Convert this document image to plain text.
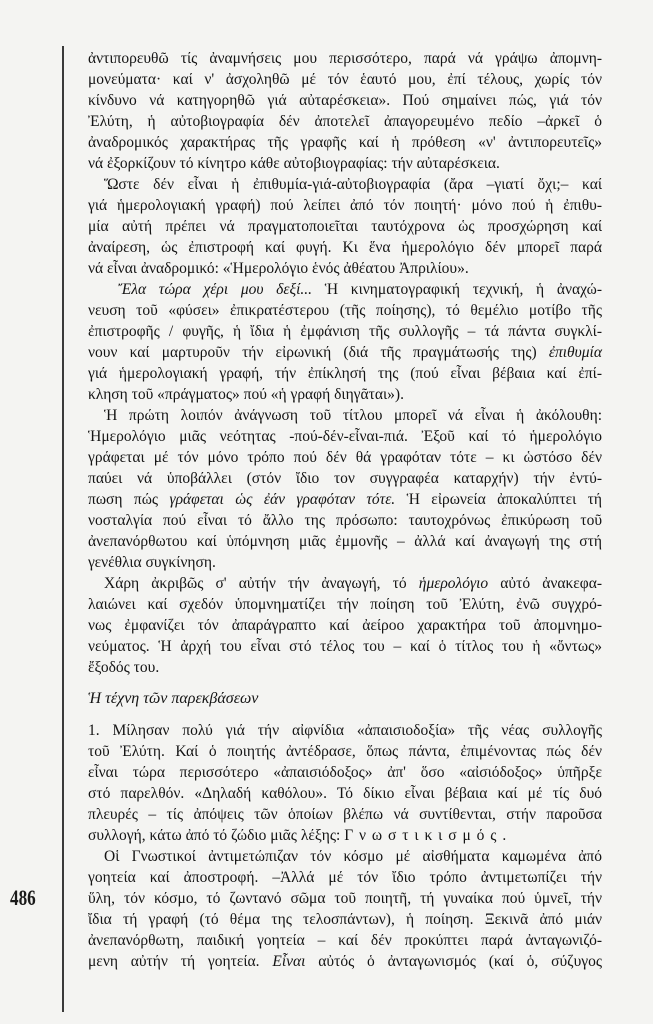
486
ἀντιπορευθῶ τίς ἀναμνήσεις μου περισσότερο, παρά νά γράψω ἀπομνη-
μονεύματα· καί ν' ἀσχοληθῶ μέ τόν ἑαυτό μου, ἐπί τέλους, χωρίς τόν
κίνδυνο νά κατηγορηθῶ γιά αὐταρέσκεια». Πού σημαίνει πώς, γιά τόν
Ἐλύτη, ἡ αὐτοβιογραφία δέν ἀποτελεῖ ἀπαγορευμένο πεδίο –ἀρκεῖ ὁ
ἀναδρομικός χαρακτήρας τῆς γραφῆς καί ἡ πρόθεση «ν' ἀντιπορευτεῖς»
νά ἐξορκίζουν τό κίνητρο κάθε αὐτοβιογραφίας: τήν αὐταρέσκεια.
Ὥστε δέν εἶναι ἡ ἐπιθυμία-γιά-αὐτοβιογραφία (ἄρα –γιατί ὄχι;– καί
γιά ἡμερολογιακή γραφή) πού λείπει ἀπό τόν ποιητή· μόνο πού ἡ ἐπιθυ-
μία αὐτή πρέπει νά πραγματοποιεῖται ταυτόχρονα ὡς προσχώρηση καί
ἀναίρεση, ὡς ἐπιστροφή καί φυγή. Κι ἕνα ἡμερολόγιο δέν μπορεῖ παρά
νά εἶναι ἀναδρομικό: «Ἡμερολόγιο ἑνός ἀθέατου Ἀπριλίου».
Ἔλα τώρα χέρι μου δεξί... Ἡ κινηματογραφική τεχνική, ἡ ἀναχώ-
νευση τοῦ «φύσει» ἐπικρατέστερου (τῆς ποίησης), τό θεμέλιο μοτίβο τῆς
ἐπιστροφῆς / φυγῆς, ἡ ἴδια ἡ ἐμφάνιση τῆς συλλογῆς – τά πάντα συγκλί-
νουν καί μαρτυροῦν τήν εἰρωνική (διά τῆς πραγμάτωσής της) ἐπιθυμία
γιά ἡμερολογιακή γραφή, τήν ἐπίκλησή της (πού εἶναι βέβαια καί ἐπί-
κληση τοῦ «πράγματος» πού «ἡ γραφή διηγᾶται»).
Ἡ πρώτη λοιπόν ἀνάγνωση τοῦ τίτλου μπορεῖ νά εἶναι ἡ ἀκόλουθη:
Ἡμερολόγιο μιᾶς νεότητας -πού-δέν-εἶναι-πιά. Ἐξοῦ καί τό ἡμερολόγιο
γράφεται μέ τόν μόνο τρόπο πού δέν θά γραφόταν τότε – κι ὡστόσο δέν
παύει νά ὑποβάλλει (στόν ἴδιο τον συγγραφέα καταρχήν) τήν ἐντύ-
πωση πώς γράφεται ὡς ἐάν γραφόταν τότε. Ἡ εἰρωνεία ἀποκαλύπτει τή
νοσταλγία πού εἶναι τό ἄλλο της πρόσωπο: ταυτοχρόνως ἐπικύρωση τοῦ
ἀνεπανόρθωτου καί ὑπόμνηση μιᾶς ἐμμονῆς – ἀλλά καί ἀναγωγή της στή
γενέθλια συγκίνηση.
Χάρη ἀκριβῶς σ' αὐτήν τήν ἀναγωγή, τό ἡμερολόγιο αὐτό ἀνακεφα-
λαιώνει καί σχεδόν ὑπομνηματίζει τήν ποίηση τοῦ Ἐλύτη, ἐνῶ συγχρό-
νως ἐμφανίζει τόν ἀπαράγραπτο καί ἀείροο χαρακτήρα τοῦ ἀπομνημο-
νεύματος. Ἡ ἀρχή του εἶναι στό τέλος του – καί ὁ τίτλος του ἡ «ὄντως»
ἔξοδός του.
Ἡ τέχνη τῶν παρεκβάσεων
1. Μίλησαν πολύ γιά τήν αἰφνίδια «ἀπαισιοδοξία» τῆς νέας συλλογῆς
τοῦ Ἐλύτη. Καί ὁ ποιητής ἀντέδρασε, ὅπως πάντα, ἐπιμένοντας πώς δέν
εἶναι τώρα περισσότερο «ἀπαισιόδοξος» ἀπ' ὅσο «αἰσιόδοξος» ὑπῆρξε
στό παρελθόν. «Δηλαδή καθόλου». Τό δίκιο εἶναι βέβαια καί μέ τίς δυό
πλευρές – τίς ἀπόψεις τῶν ὁποίων βλέπω νά συντίθενται, στήν παροῦσα
συλλογή, κάτω ἀπό τό ζώδιο μιᾶς λέξης: Γνωστικισμός.
Οἱ Γνωστικοί ἀντιμετώπιζαν τόν κόσμο μέ αἰσθήματα καμωμένα ἀπό
γοητεία καί ἀποστροφή. –Ἀλλά μέ τόν ἴδιο τρόπο ἀντιμετωπίζει τήν
ὕλη, τόν κόσμο, τό ζωντανό σῶμα τοῦ ποιητῆ, τή γυναίκα πού ὑμνεῖ, τήν
ἴδια τή γραφή (τό θέμα της τελοσπάντων), ἡ ποίηση. Ξεκινᾶ ἀπό μιάν
ἀνεπανόρθωτη, παιδική γοητεία – καί δέν προκύπτει παρά ἀνταγωνιζό-
μενη αὐτήν τή γοητεία. Εἶναι αὐτός ὁ ἀνταγωνισμός (καί ὁ, σύζυγος
